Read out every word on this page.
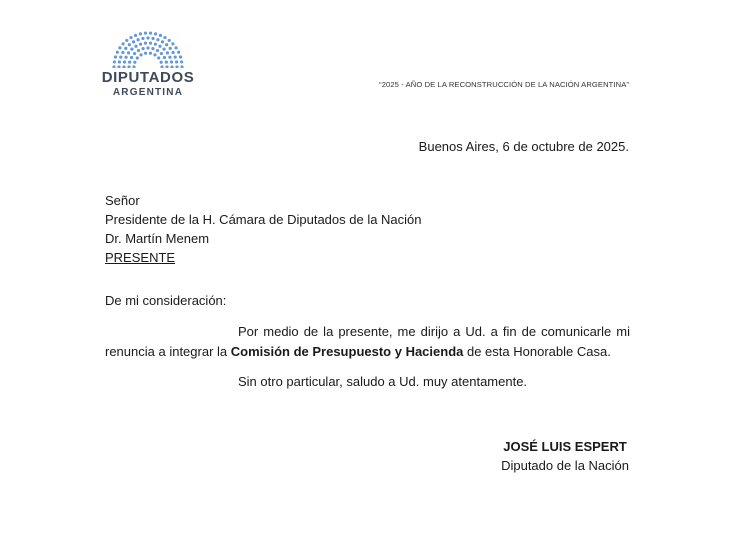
DIPUTADOS
ARGENTINA
“2025 - AÑO DE LA RECONSTRUCCIÓN DE LA NACIÓN ARGENTINA”
Buenos Aires, 6 de octubre de 2025.
Señor
Presidente de la H. Cámara de Diputados de la Nación
Dr. Martín Menem
PRESENTE
De mi consideración:
Por medio de la presente, me dirijo a Ud. a fin de comunicarle mi renuncia a integrar la Comisión de Presupuesto y Hacienda de esta Honorable Casa.
Sin otro particular, saludo a Ud. muy atentamente.
JOSÉ LUIS ESPERT
Diputado de la Nación
